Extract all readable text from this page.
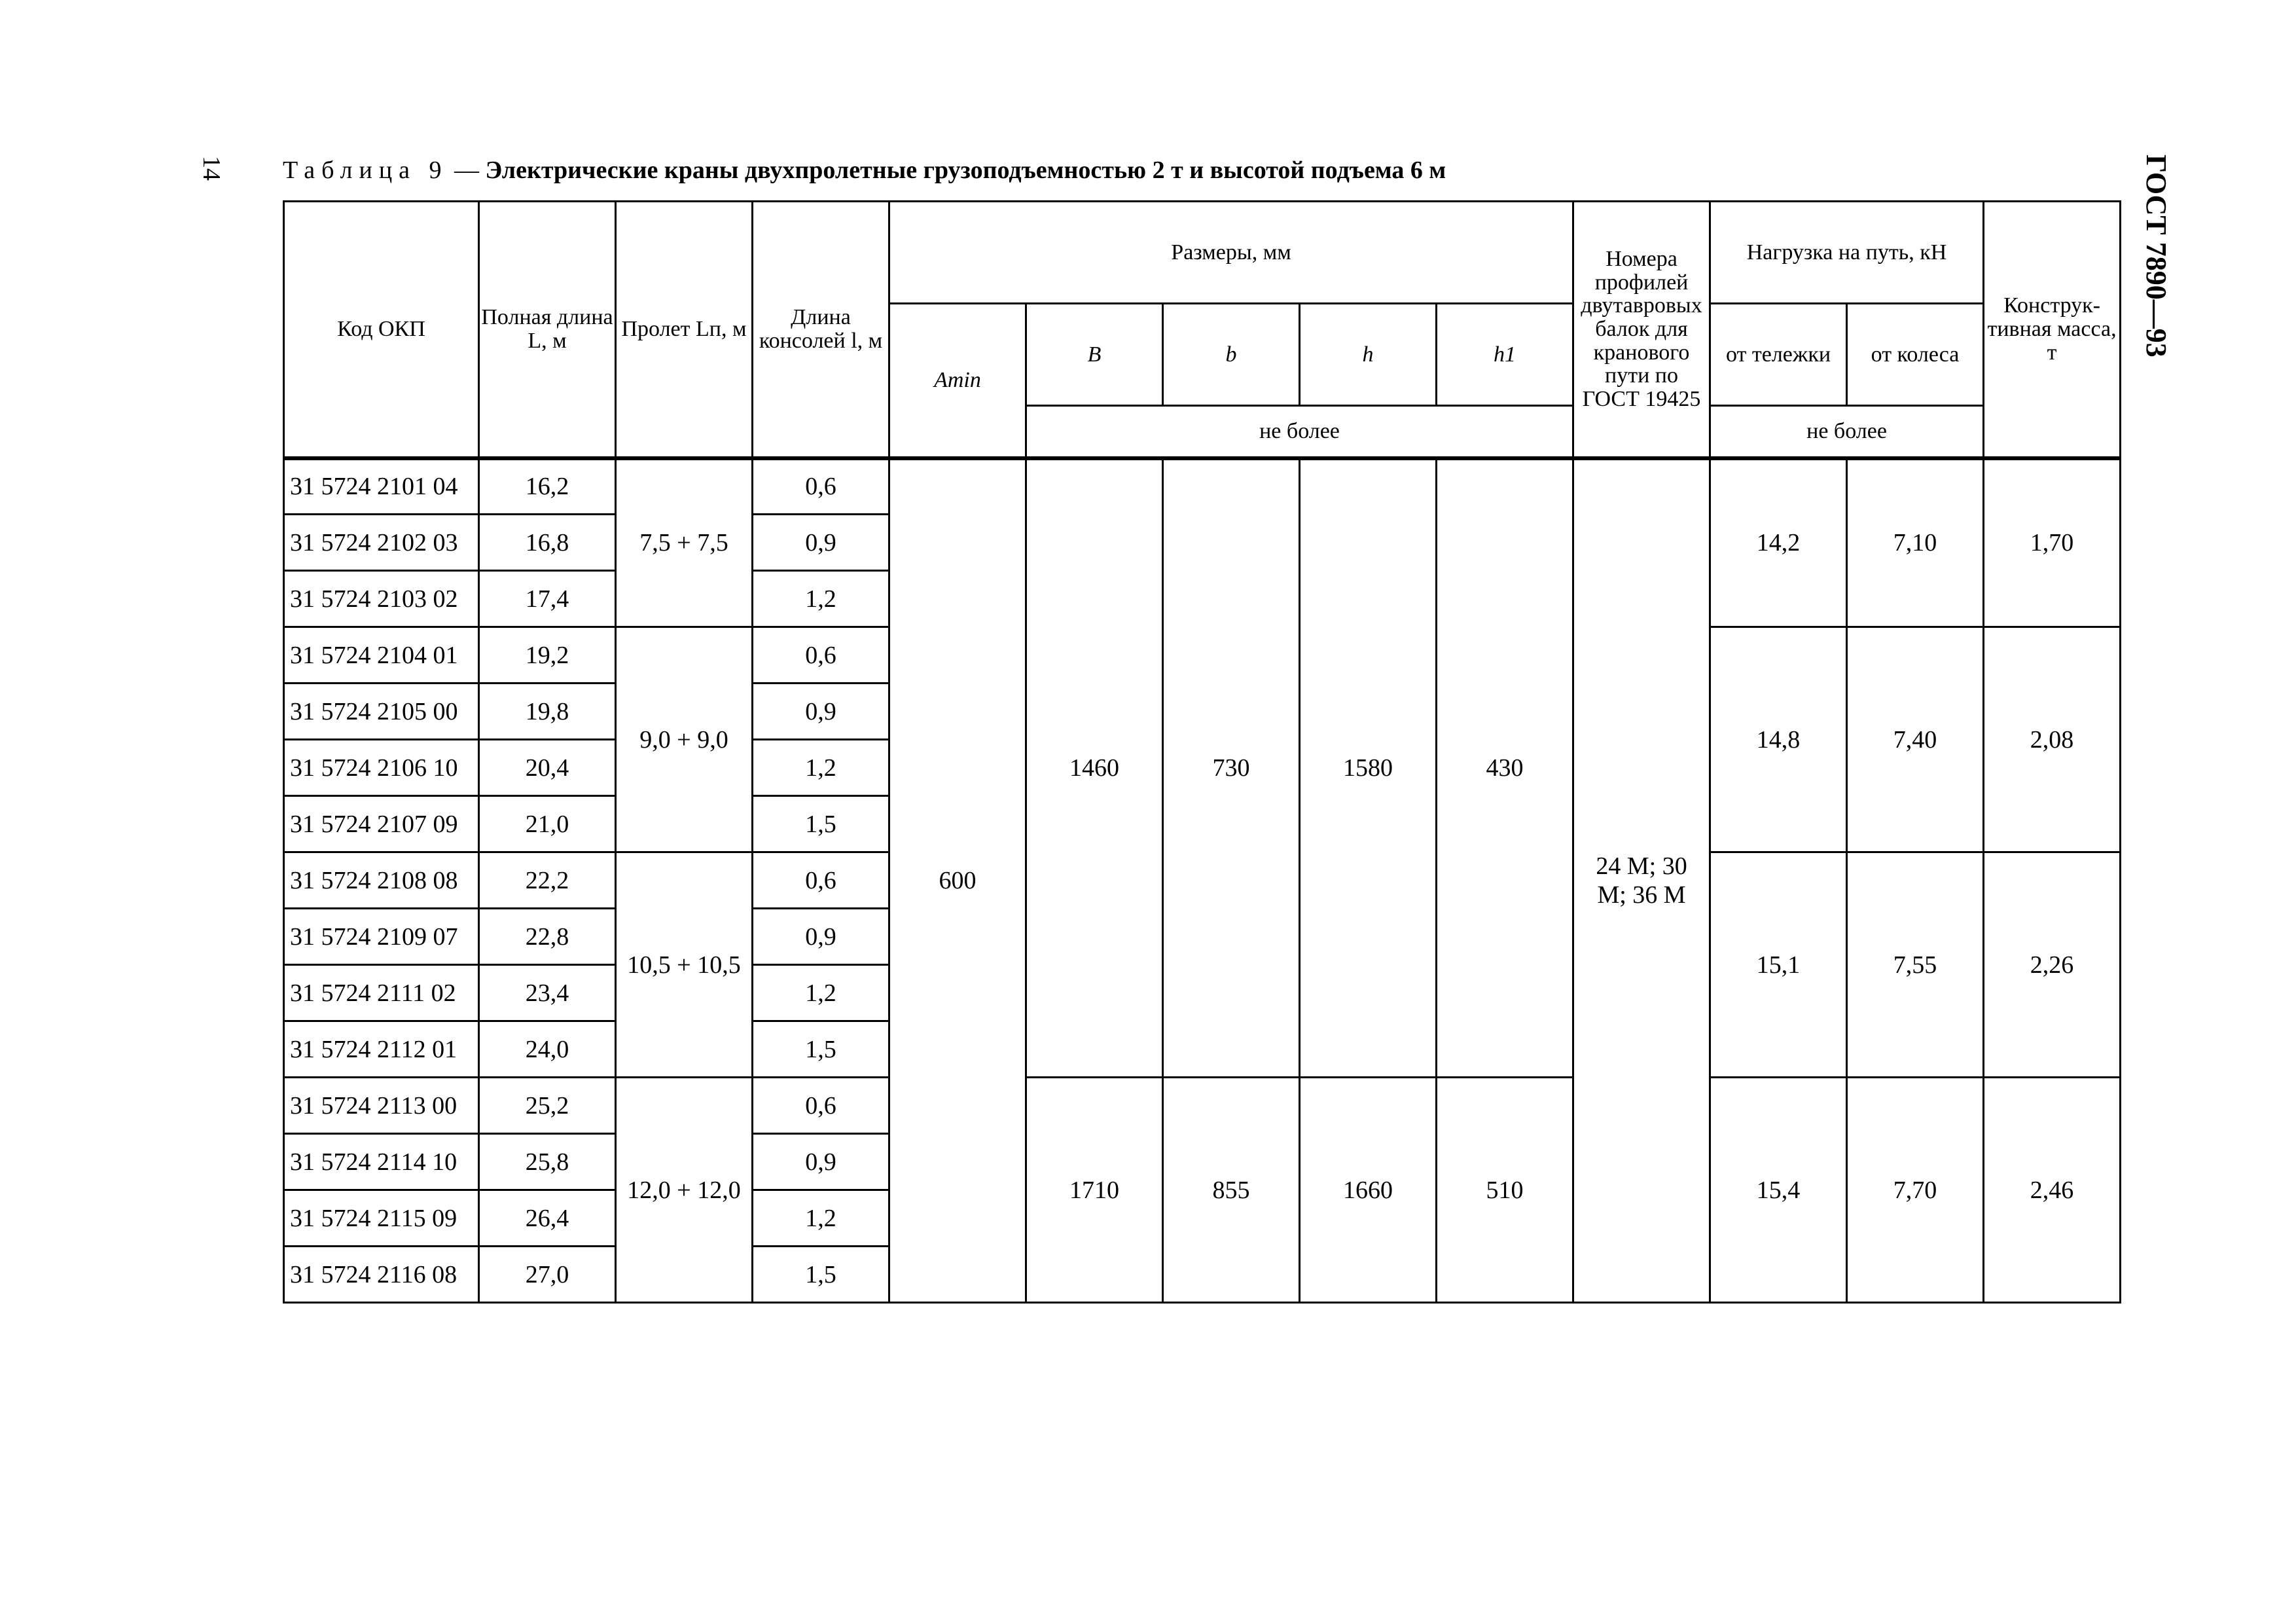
14	ГОСТ 7890—93
Таблица 9 — Электрические краны двухпролетные грузоподъемностью 2 т и высотой подъема 6 м
Код ОКП	Полная длина L, м	Пролет Lп, м	Длина консолей l, м	Размеры, мм					Номера профилей двутавровых балок для кранового пути по ГОСТ 19425	Нагрузка на путь, кН		Конструк-тивная масса, т
				Amin	B	b	h	h1		от тележки	от колеса	
					не более					не более		
31 5724 2101 04	16,2	7,5 + 7,5	0,6	600	1460	730	1580	430	24 М; 30 М; 36 М	14,2	7,10	1,70
31 5724 2102 03	16,8		0,9									
31 5724 2103 02	17,4		1,2									
31 5724 2104 01	19,2	9,0 + 9,0	0,6							14,8	7,40	2,08
31 5724 2105 00	19,8		0,9									
31 5724 2106 10	20,4		1,2									
31 5724 2107 09	21,0		1,5									
31 5724 2108 08	22,2	10,5 + 10,5	0,6							15,1	7,55	2,26
31 5724 2109 07	22,8		0,9									
31 5724 2111 02	23,4		1,2									
31 5724 2112 01	24,0		1,5									
31 5724 2113 00	25,2	12,0 + 12,0	0,6		1710	855	1660	510		15,4	7,70	2,46
31 5724 2114 10	25,8		0,9									
31 5724 2115 09	26,4		1,2									
31 5724 2116 08	27,0		1,5									
